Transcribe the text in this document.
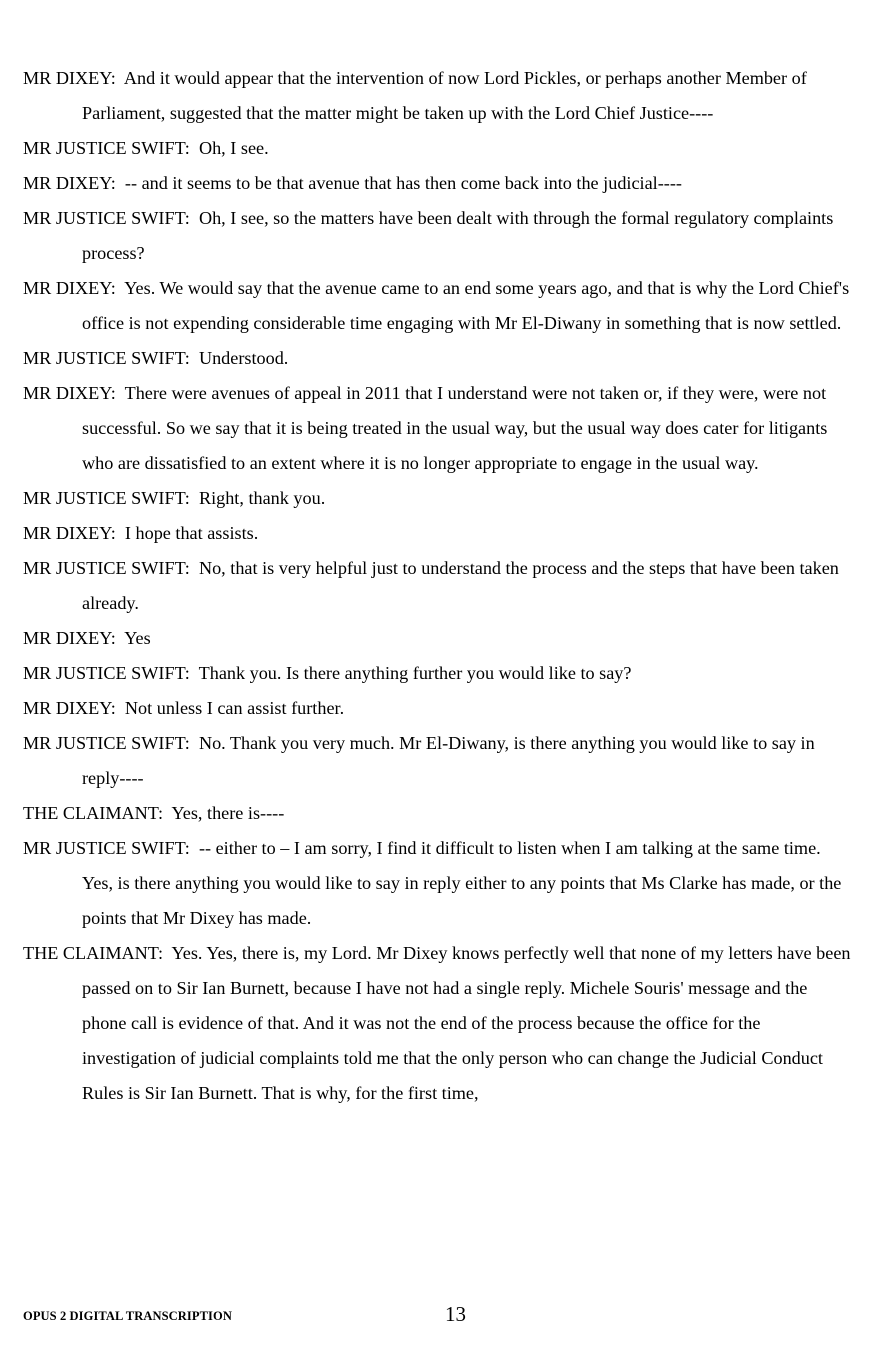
MR DIXEY: And it would appear that the intervention of now Lord Pickles, or perhaps another Member of Parliament, suggested that the matter might be taken up with the Lord Chief Justice----

MR JUSTICE SWIFT: Oh, I see.

MR DIXEY: -- and it seems to be that avenue that has then come back into the judicial----

MR JUSTICE SWIFT: Oh, I see, so the matters have been dealt with through the formal regulatory complaints process?

MR DIXEY: Yes. We would say that the avenue came to an end some years ago, and that is why the Lord Chief's office is not expending considerable time engaging with Mr El-Diwany in something that is now settled.

MR JUSTICE SWIFT: Understood.

MR DIXEY: There were avenues of appeal in 2011 that I understand were not taken or, if they were, were not successful. So we say that it is being treated in the usual way, but the usual way does cater for litigants who are dissatisfied to an extent where it is no longer appropriate to engage in the usual way.

MR JUSTICE SWIFT: Right, thank you.

MR DIXEY: I hope that assists.

MR JUSTICE SWIFT: No, that is very helpful just to understand the process and the steps that have been taken already.

MR DIXEY: Yes

MR JUSTICE SWIFT: Thank you. Is there anything further you would like to say?

MR DIXEY: Not unless I can assist further.

MR JUSTICE SWIFT: No. Thank you very much. Mr El-Diwany, is there anything you would like to say in reply----

THE CLAIMANT: Yes, there is----

MR JUSTICE SWIFT: -- either to – I am sorry, I find it difficult to listen when I am talking at the same time. Yes, is there anything you would like to say in reply either to any points that Ms Clarke has made, or the points that Mr Dixey has made.

THE CLAIMANT: Yes. Yes, there is, my Lord. Mr Dixey knows perfectly well that none of my letters have been passed on to Sir Ian Burnett, because I have not had a single reply. Michele Souris' message and the phone call is evidence of that. And it was not the end of the process because the office for the investigation of judicial complaints told me that the only person who can change the Judicial Conduct Rules is Sir Ian Burnett. That is why, for the first time,

OPUS 2 DIGITAL TRANSCRIPTION	13
